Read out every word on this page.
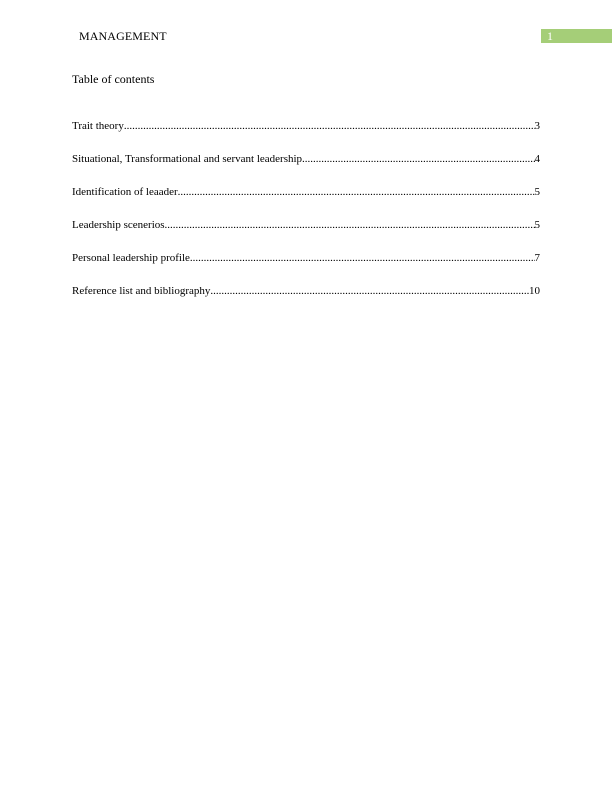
MANAGEMENT	1
Table of contents
Trait theory .....	3
Situational, Transformational and servant leadership .....	4
Identification of leaader .....	5
Leadership scenerios .....	5
Personal leadership profile .....	7
Reference list and bibliography .....	10
